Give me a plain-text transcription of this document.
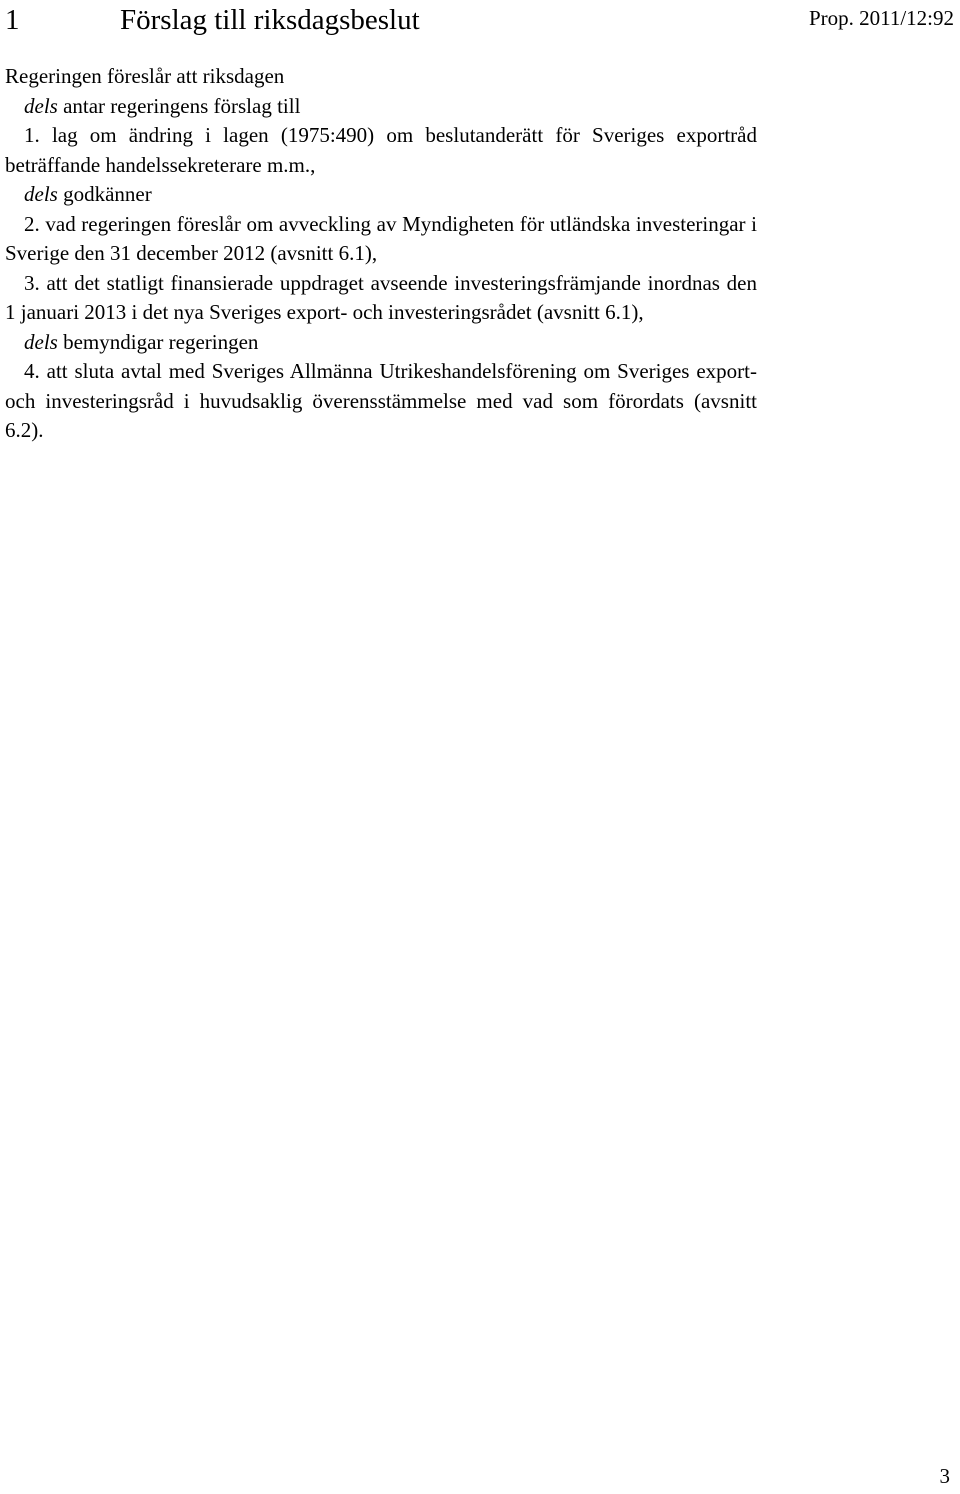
1	Förslag till riksdagsbeslut	Prop. 2011/12:92
Regeringen föreslår att riksdagen
dels antar regeringens förslag till
1. lag om ändring i lagen (1975:490) om beslutanderätt för Sveriges exportråd beträffande handelssekreterare m.m.,
dels godkänner
2. vad regeringen föreslår om avveckling av Myndigheten för utländska investeringar i Sverige den 31 december 2012 (avsnitt 6.1),
3. att det statligt finansierade uppdraget avseende investeringsfrämjande inordnas den 1 januari 2013 i det nya Sveriges export- och investeringsrådet (avsnitt 6.1),
dels bemyndigar regeringen
4. att sluta avtal med Sveriges Allmänna Utrikeshandelsförening om Sveriges export- och investeringsråd i huvudsaklig överensstämmelse med vad som förordats (avsnitt 6.2).
3
